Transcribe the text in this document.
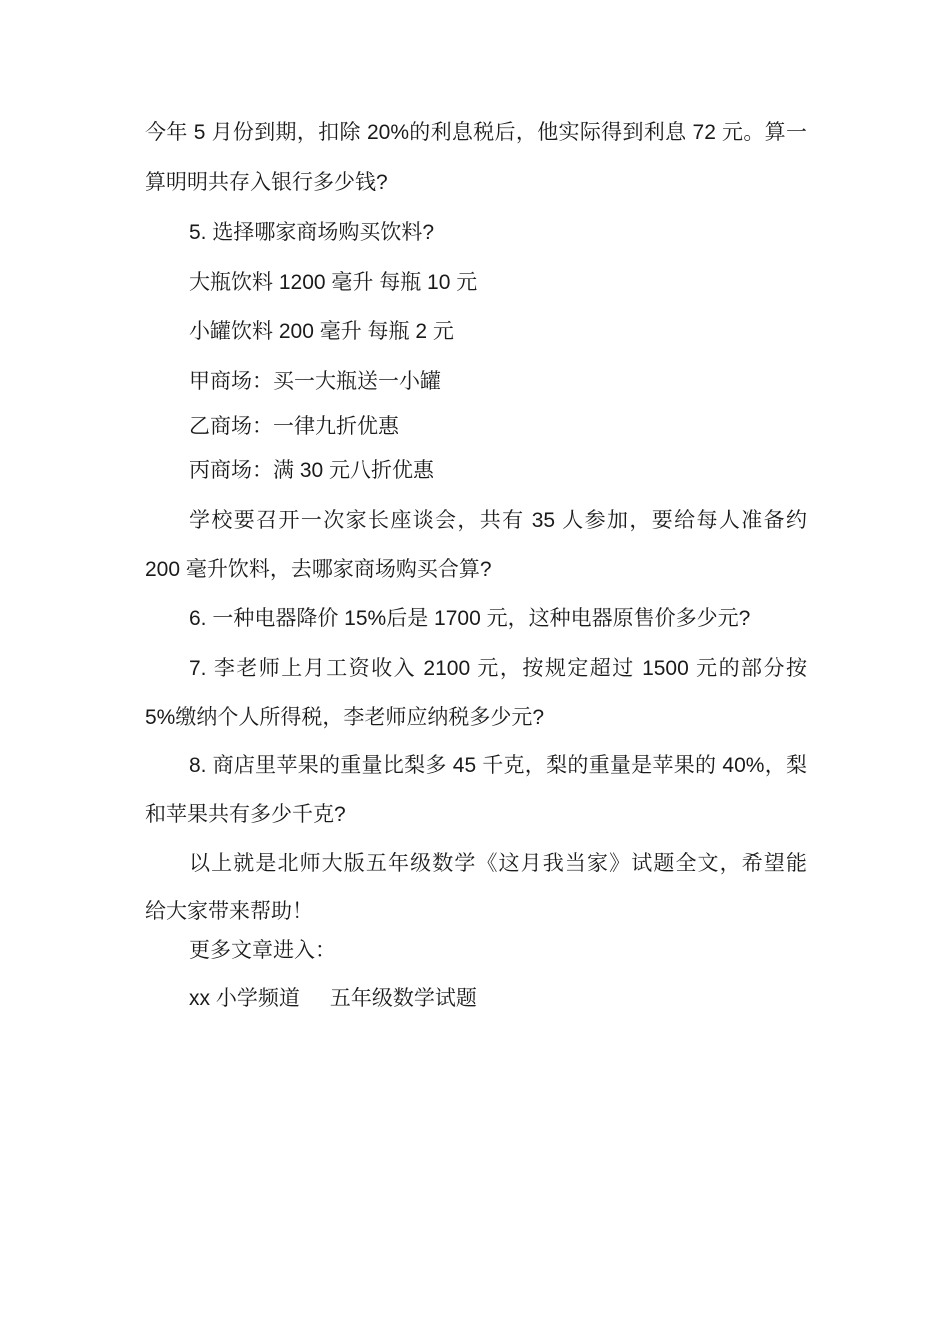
今年 5 月份到期，扣除 20%的利息税后，他实际得到利息 72 元。算一
算明明共存入银行多少钱?
5. 选择哪家商场购买饮料?
大瓶饮料 1200 毫升 每瓶 10 元
小罐饮料 200 毫升 每瓶 2 元
甲商场：买一大瓶送一小罐
乙商场：一律九折优惠
丙商场：满 30 元八折优惠
学校要召开一次家长座谈会，共有 35 人参加，要给每人准备约
200 毫升饮料，去哪家商场购买合算?
6. 一种电器降价 15%后是 1700 元，这种电器原售价多少元?
7. 李老师上月工资收入 2100 元，按规定超过 1500 元的部分按
5%缴纳个人所得税，李老师应纳税多少元?
8. 商店里苹果的重量比梨多 45 千克，梨的重量是苹果的 40%，梨
和苹果共有多少千克?
以上就是北师大版五年级数学《这月我当家》试题全文，希望能
给大家带来帮助！
更多文章进入：
xx 小学频道 五年级数学试题
